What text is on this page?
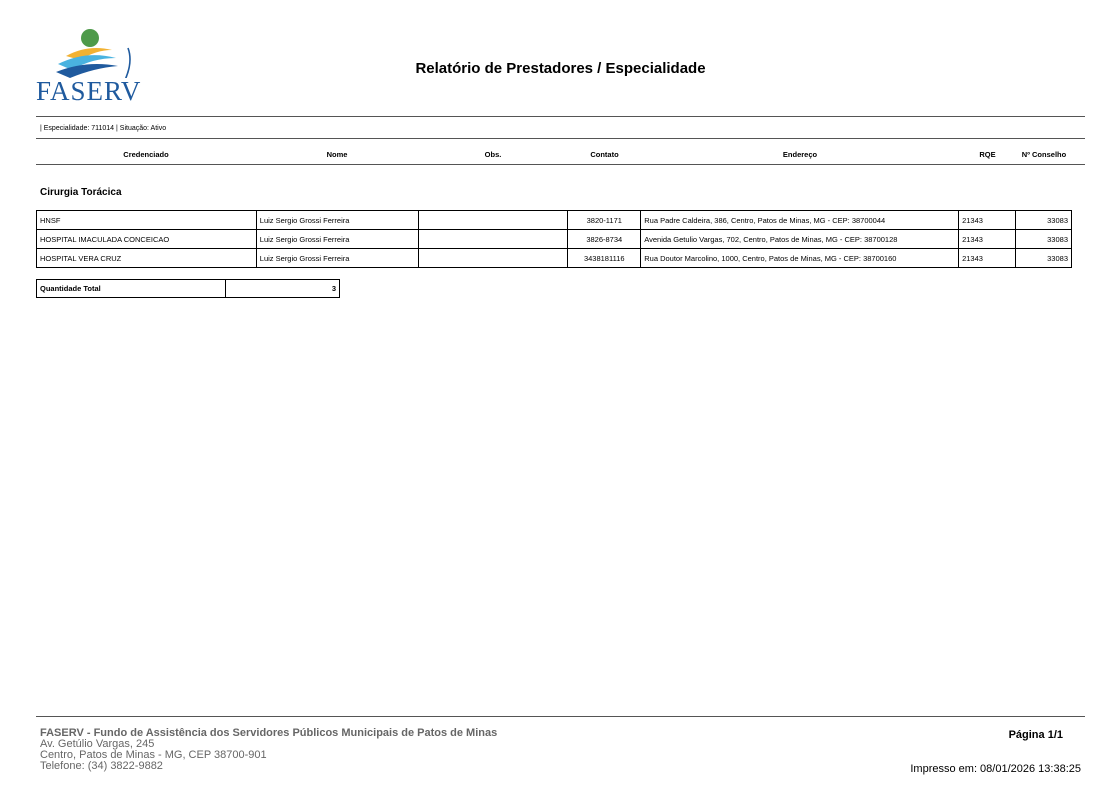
FASERV
Relatório de Prestadores / Especialidade
| Especialidade: 711014 | Situação: Ativo
Credenciado	Nome	Obs.	Contato	Endereço	RQE	Nº Conselho
Cirurgia Torácica
HNSF	Luiz Sergio Grossi Ferreira		3820-1171	Rua Padre Caldeira, 386, Centro, Patos de Minas, MG - CEP: 38700044	21343	33083
HOSPITAL IMACULADA CONCEICAO	Luiz Sergio Grossi Ferreira		3826-8734	Avenida Getulio Vargas, 702, Centro, Patos de Minas, MG - CEP: 38700128	21343	33083
HOSPITAL VERA CRUZ	Luiz Sergio Grossi Ferreira		3438181116	Rua Doutor Marcolino, 1000, Centro, Patos de Minas, MG - CEP: 38700160	21343	33083
Quantidade Total	3
FASERV - Fundo de Assistência dos Servidores Públicos Municipais de Patos de Minas
Av. Getúlio Vargas, 245
Centro, Patos de Minas - MG, CEP 38700-901
Telefone: (34) 3822-9882
Página 1/1
Impresso em: 08/01/2026 13:38:25
